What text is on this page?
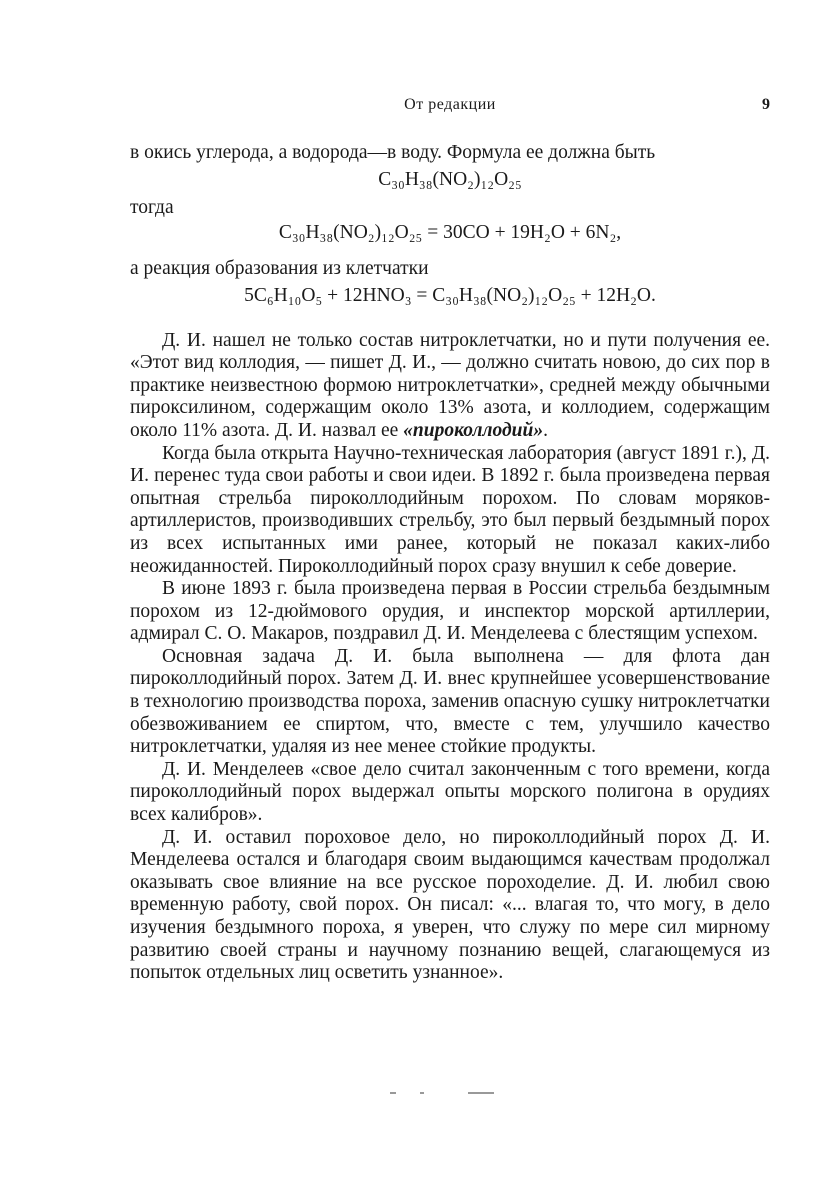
От редакции	9

в окись углерода, а водорода—в воду. Формула ее должна быть

C₃₀H₃₈(NO₂)₁₂O₂₅

тогда

C₃₀H₃₈(NO₂)₁₂O₂₅ = 30CO + 19H₂O + 6N₂,

а реакция образования из клетчатки

5C₆H₁₀O₅ + 12HNO₃ = C₃₀H₃₈(NO₂)₁₂O₂₅ + 12H₂O.

Д. И. нашел не только состав нитроклетчатки, но и пути получения ее. «Этот вид коллодия, — пишет Д. И., — должно считать новою, до сих пор в практике неизвестною формою нитроклетчатки», средней между обычными пироксилином, содержащим около 13% азота, и коллодием, содержащим около 11% азота. Д. И. назвал ее «пироколлодий».

Когда была открыта Научно-техническая лаборатория (август 1891 г.), Д. И. перенес туда свои работы и свои идеи. В 1892 г. была произведена первая опытная стрельба пироколлодийным порохом. По словам моряков-артиллеристов, производивших стрельбу, это был первый бездымный порох из всех испытанных ими ранее, который не показал каких-либо неожиданностей. Пироколлодийный порох сразу внушил к себе доверие.

В июне 1893 г. была произведена первая в России стрельба бездымным порохом из 12-дюймового орудия, и инспектор морской артиллерии, адмирал С. О. Макаров, поздравил Д. И. Менделеева с блестящим успехом.

Основная задача Д. И. была выполнена — для флота дан пироколлодийный порох. Затем Д. И. внес крупнейшее усовершенствование в технологию производства пороха, заменив опасную сушку нитроклетчатки обезвоживанием ее спиртом, что, вместе с тем, улучшило качество нитроклетчатки, удаляя из нее менее стойкие продукты.

Д. И. Менделеев «свое дело считал законченным с того времени, когда пироколлодийный порох выдержал опыты морского полигона в орудиях всех калибров».

Д. И. оставил пороховое дело, но пироколлодийный порох Д. И. Менделеева остался и благодаря своим выдающимся качествам продолжал оказывать свое влияние на все русское пороходелие. Д. И. любил свою временную работу, свой порох. Он писал: «... влагая то, что могу, в дело изучения бездымного пороха, я уверен, что служу по мере сил мирному развитию своей страны и научному познанию вещей, слагающемуся из попыток отдельных лиц осветить узнанное».
